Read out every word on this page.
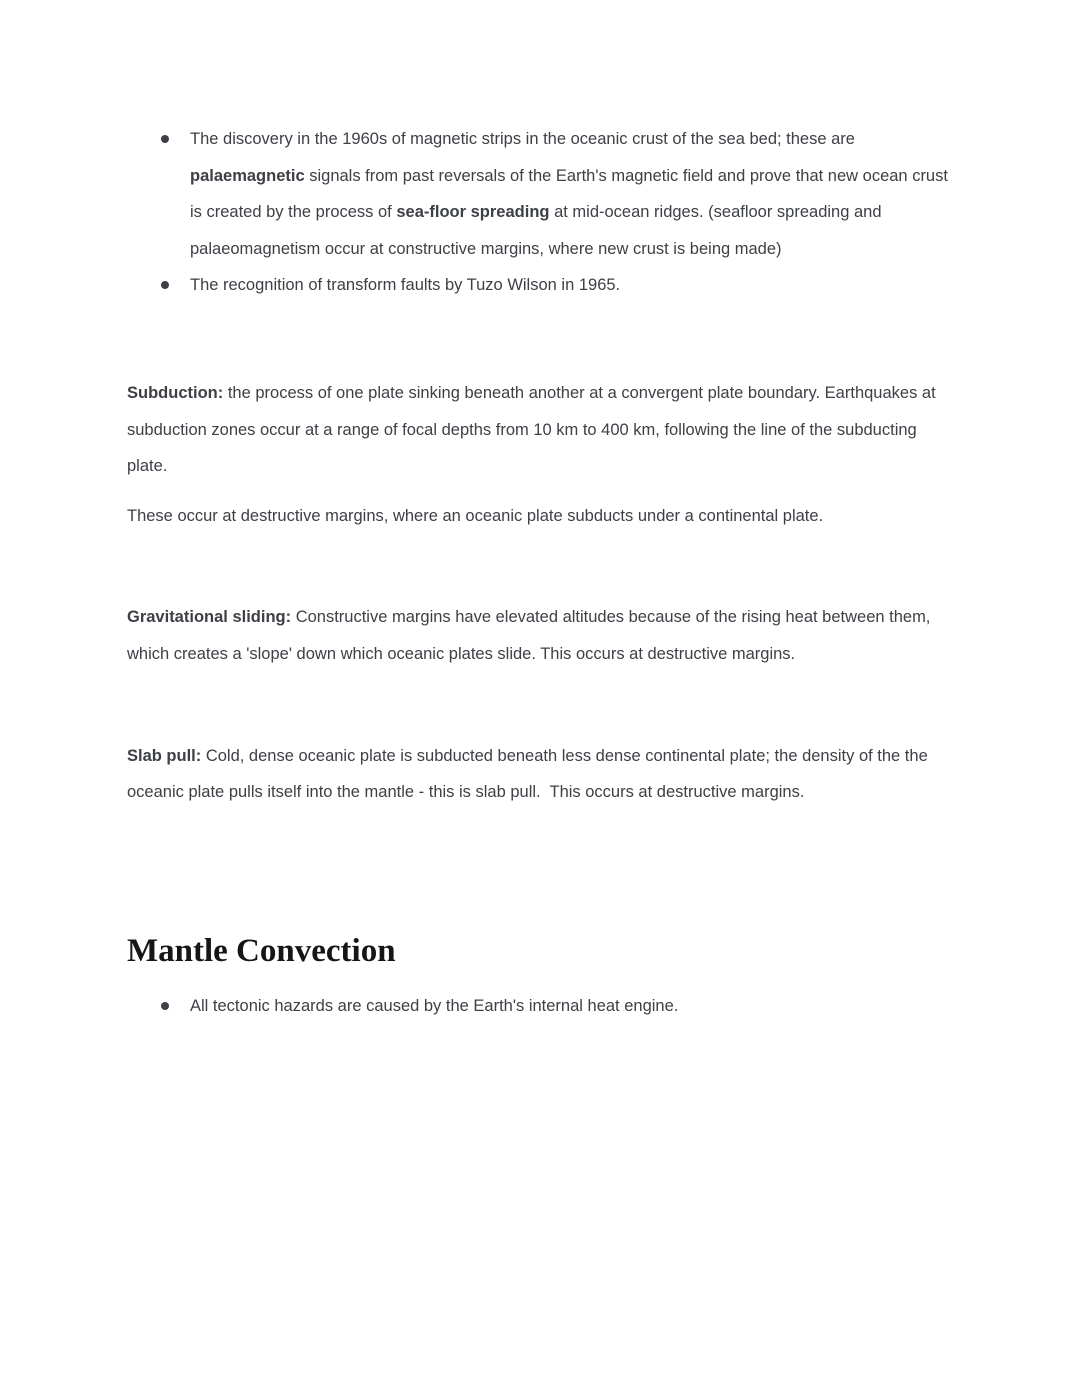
The discovery in the 1960s of magnetic strips in the oceanic crust of the sea bed; these are palaemagnetic signals from past reversals of the Earth's magnetic field and prove that new ocean crust is created by the process of sea-floor spreading at mid-ocean ridges. (seafloor spreading and palaeomagnetism occur at constructive margins, where new crust is being made)
The recognition of transform faults by Tuzo Wilson in 1965.

Subduction: the process of one plate sinking beneath another at a convergent plate boundary. Earthquakes at subduction zones occur at a range of focal depths from 10 km to 400 km, following the line of the subducting plate.

These occur at destructive margins, where an oceanic plate subducts under a continental plate.

Gravitational sliding: Constructive margins have elevated altitudes because of the rising heat between them, which creates a 'slope' down which oceanic plates slide. This occurs at destructive margins.

Slab pull: Cold, dense oceanic plate is subducted beneath less dense continental plate; the density of the the oceanic plate pulls itself into the mantle - this is slab pull.  This occurs at destructive margins.

Mantle Convection
All tectonic hazards are caused by the Earth's internal heat engine.
